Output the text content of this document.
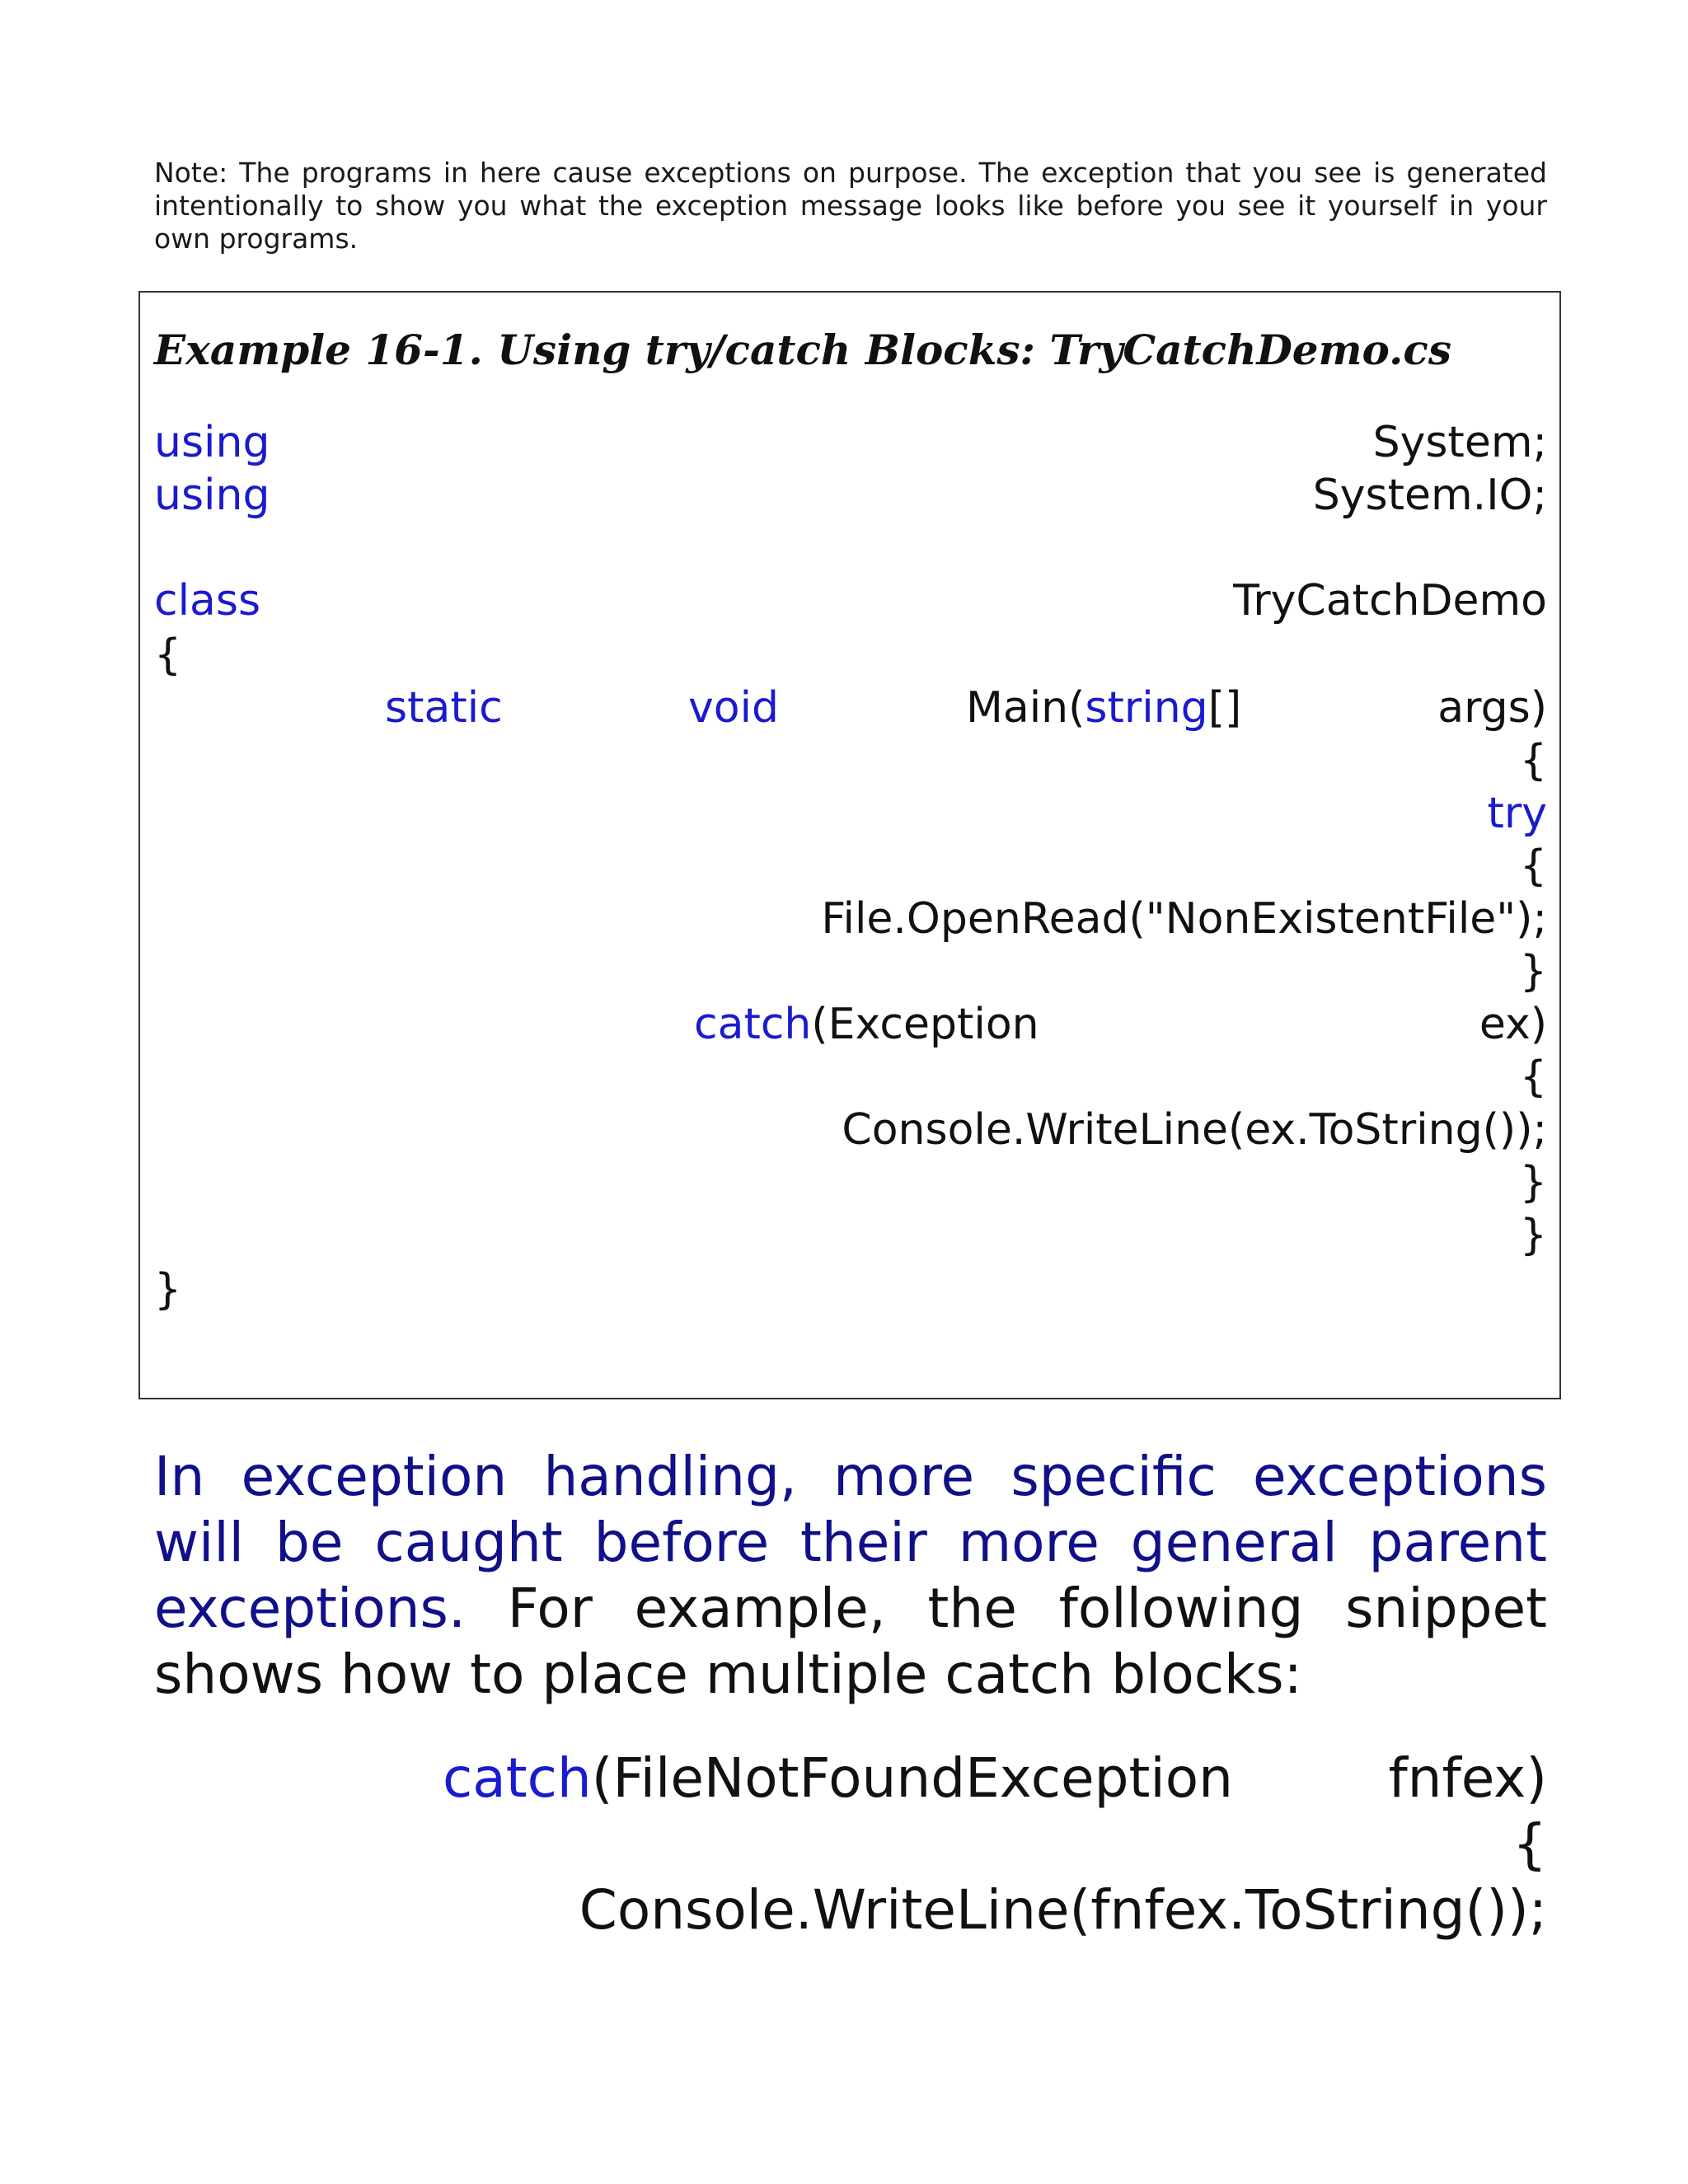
Note: The programs in here cause exceptions on purpose. The exception that you see is generated intentionally to show you what the exception message looks like before you see it yourself in your own programs.
Example 16-1. Using try/catch Blocks: TryCatchDemo.cs
using	System;
using	System.IO;
class	TryCatchDemo
{
static	void	Main(string[]	args)
{
try
{
File.OpenRead("NonExistentFile");
}
catch(Exception	ex)
{
Console.WriteLine(ex.ToString());
}
}
}
In exception handling, more specific exceptions will be caught before their more general parent exceptions. For example, the following snippet shows how to place multiple catch blocks:
catch(FileNotFoundException	fnfex)
{
Console.WriteLine(fnfex.ToString());
